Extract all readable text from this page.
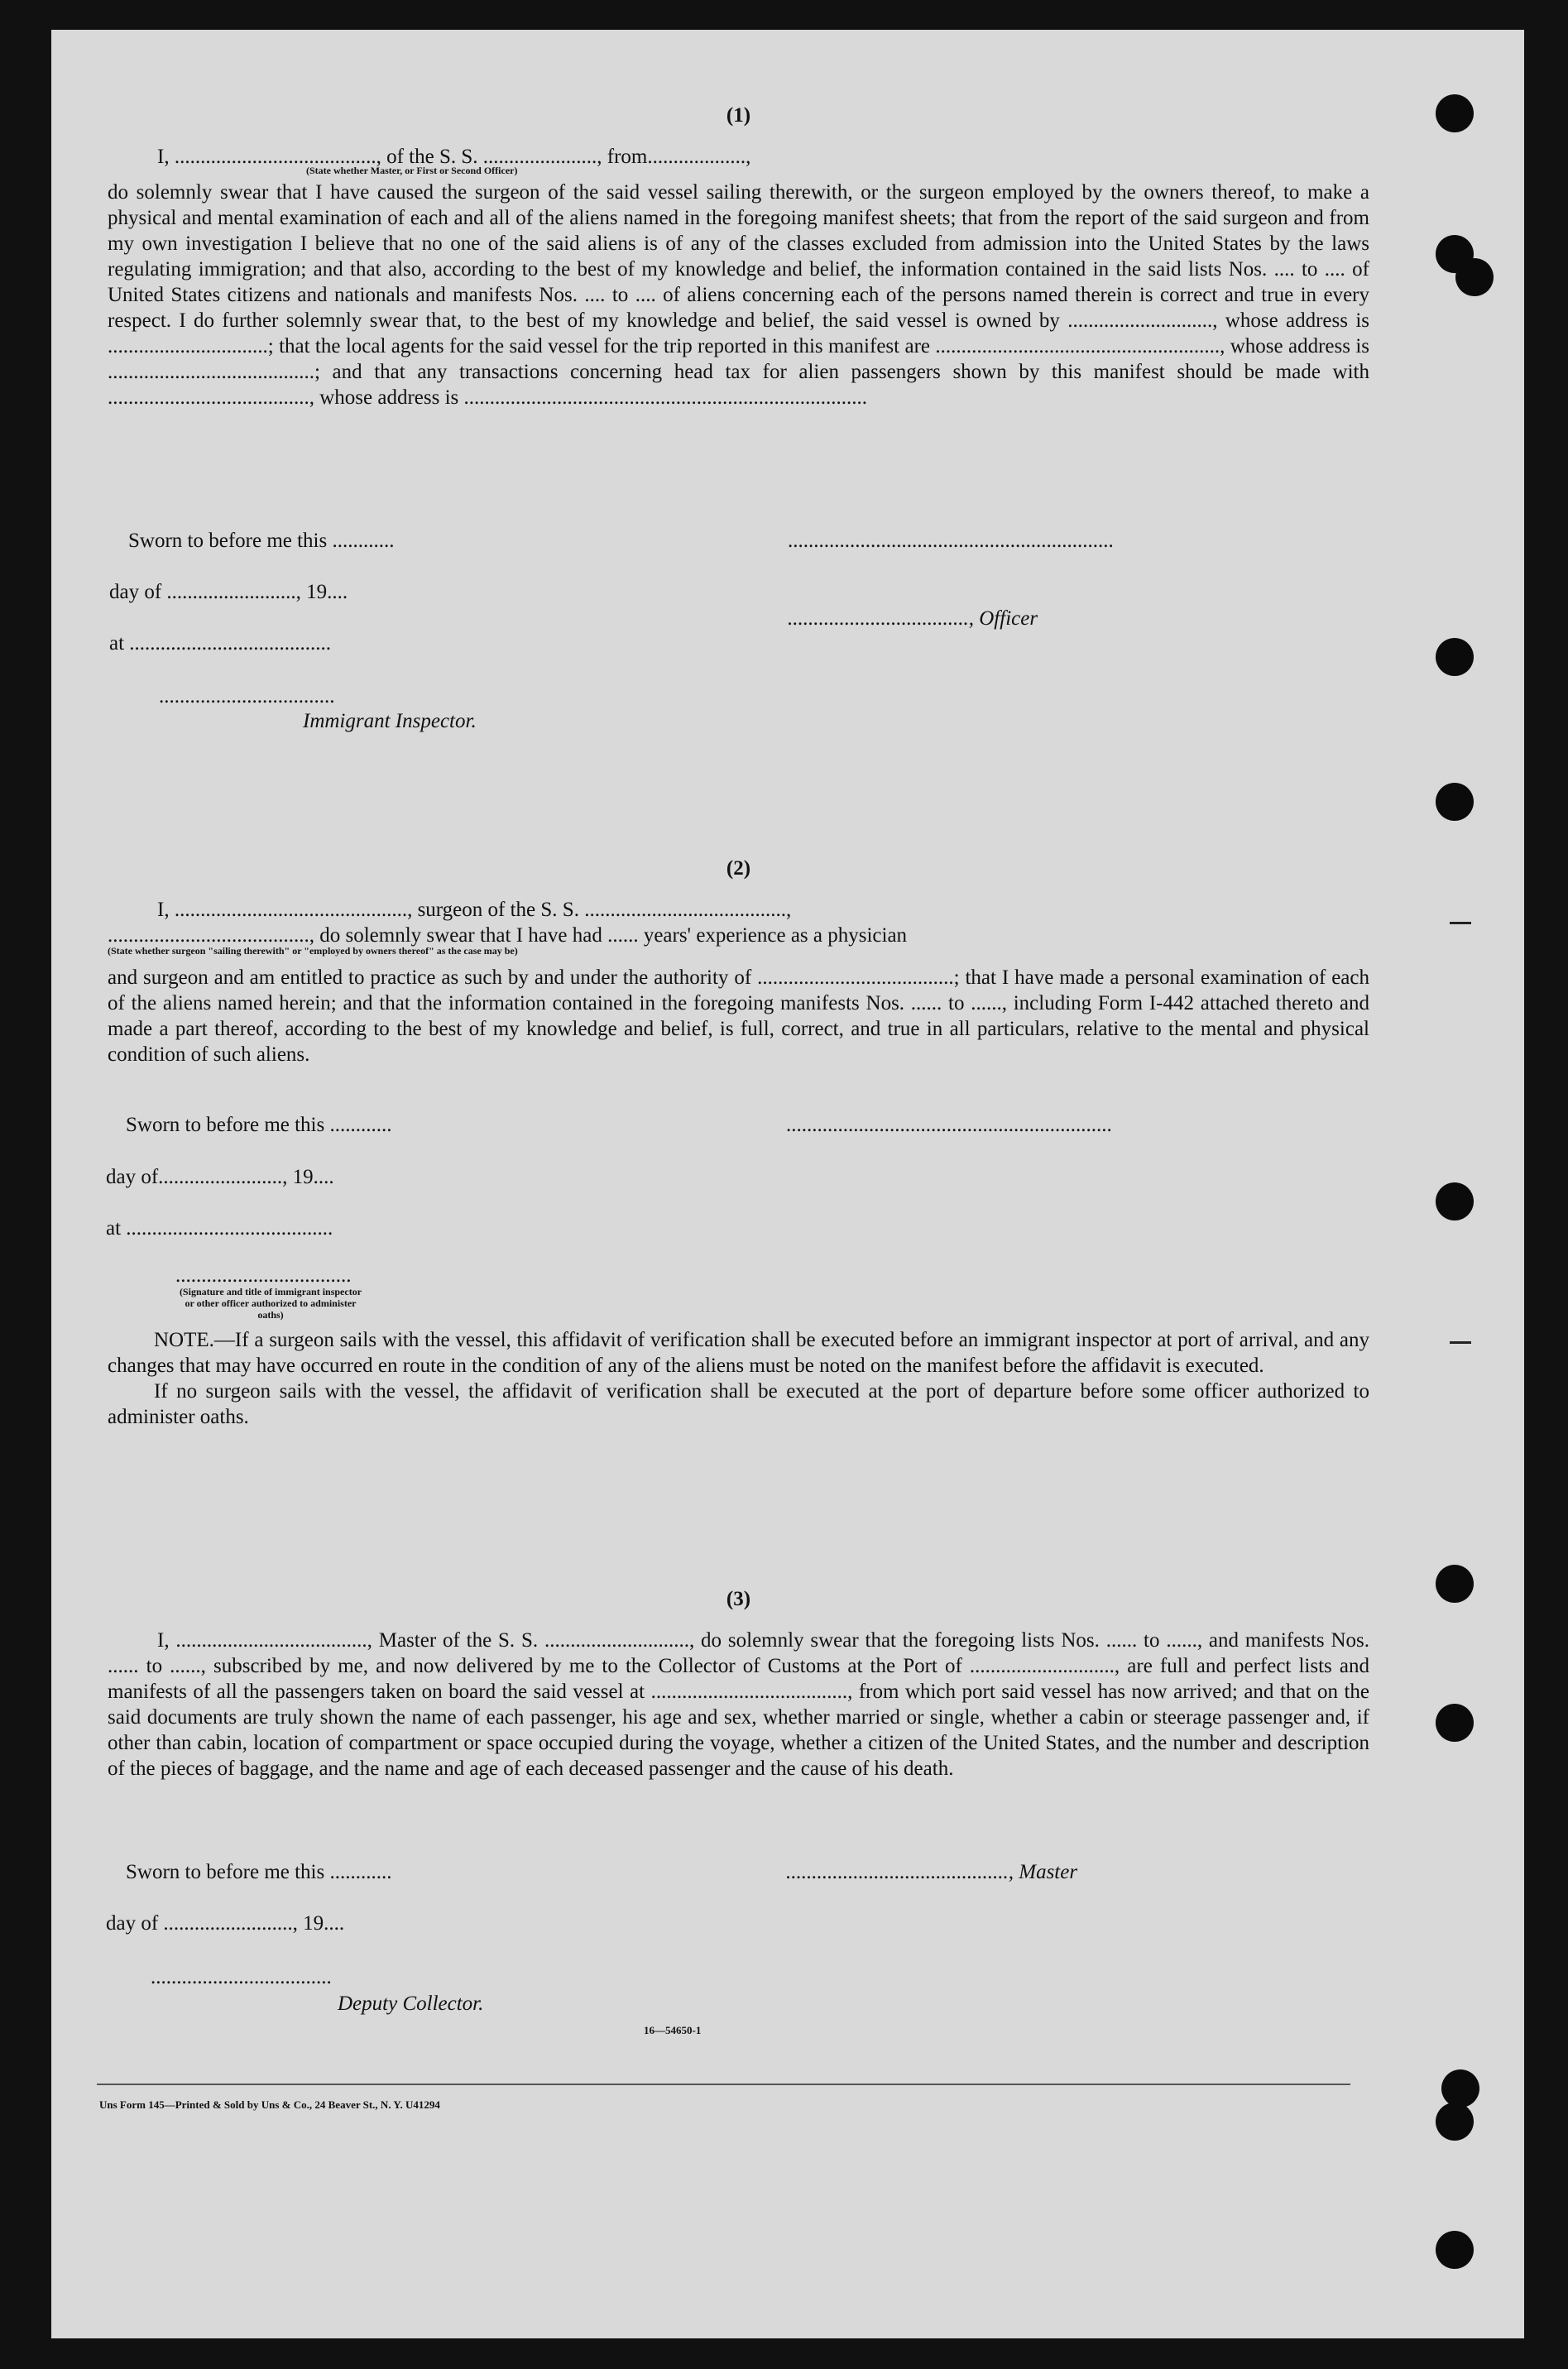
(1)
I, ......................................., of the S. S. ......................, from...................,
(State whether Master, or First or Second Officer)

do solemnly swear that I have caused the surgeon of the said vessel sailing therewith, or the surgeon employed by the owners thereof, to make a physical and mental examination of each and all of the aliens named in the foregoing manifest sheets; that from the report of the said surgeon and from my own investigation I believe that no one of the said aliens is of any of the classes excluded from admission into the United States by the laws regulating immigration; and that also, according to the best of my knowledge and belief, the information contained in the said lists Nos. .... to .... of United States citizens and nationals and manifests Nos. .... to .... of aliens concerning each of the persons named therein is correct and true in every respect. I do further solemnly swear that, to the best of my knowledge and belief, the said vessel is owned by ............................, whose address is ...............................; that the local agents for the said vessel for the trip reported in this manifest are ......................................................., whose address is ........................................; and that any transactions concerning head tax for alien passengers shown by this manifest should be made with ......................................., whose address is ..............................................................................

Sworn to before me this ............	...............................................................
day of ........................., 19....
..................................., Officer
at .......................................
..................................
Immigrant Inspector.
(2)
I, ............................................., surgeon of the S. S. .......................................,
......................................., do solemnly swear that I have had ...... years' experience as a physician
(State whether surgeon "sailing therewith" or "employed by owners thereof" as the case may be)

and surgeon and am entitled to practice as such by and under the authority of ......................................; that I have made a personal examination of each of the aliens named herein; and that the information contained in the foregoing manifests Nos. ...... to ......, including Form I-442 attached thereto and made a part thereof, according to the best of my knowledge and belief, is full, correct, and true in all particulars, relative to the mental and physical condition of such aliens.

Sworn to before me this ............	...............................................................
day of........................, 19....
at ........................................
..................................
(Signature and title of immigrant inspector or other officer authorized to administer oaths)

NOTE.—If a surgeon sails with the vessel, this affidavit of verification shall be executed before an immigrant inspector at port of arrival, and any changes that may have occurred en route in the condition of any of the aliens must be noted on the manifest before the affidavit is executed.

If no surgeon sails with the vessel, the affidavit of verification shall be executed at the port of departure before some officer authorized to administer oaths.

(3)

I, ....................................., Master of the S. S. ............................, do solemnly swear that the foregoing lists Nos. ...... to ......, and manifests Nos. ...... to ......, subscribed by me, and now delivered by me to the Collector of Customs at the Port of ............................, are full and perfect lists and manifests of all the passengers taken on board the said vessel at ......................................, from which port said vessel has now arrived; and that on the said documents are truly shown the name of each passenger, his age and sex, whether married or single, whether a cabin or steerage passenger and, if other than cabin, location of compartment or space occupied during the voyage, whether a citizen of the United States, and the number and description of the pieces of baggage, and the name and age of each deceased passenger and the cause of his death.

Sworn to before me this ............	..........................................., Master
day of ........................., 19....
...................................
Deputy Collector.
16—54650-1
Uns Form 145—Printed & Sold by Uns & Co., 24 Beaver St., N. Y. U41294
